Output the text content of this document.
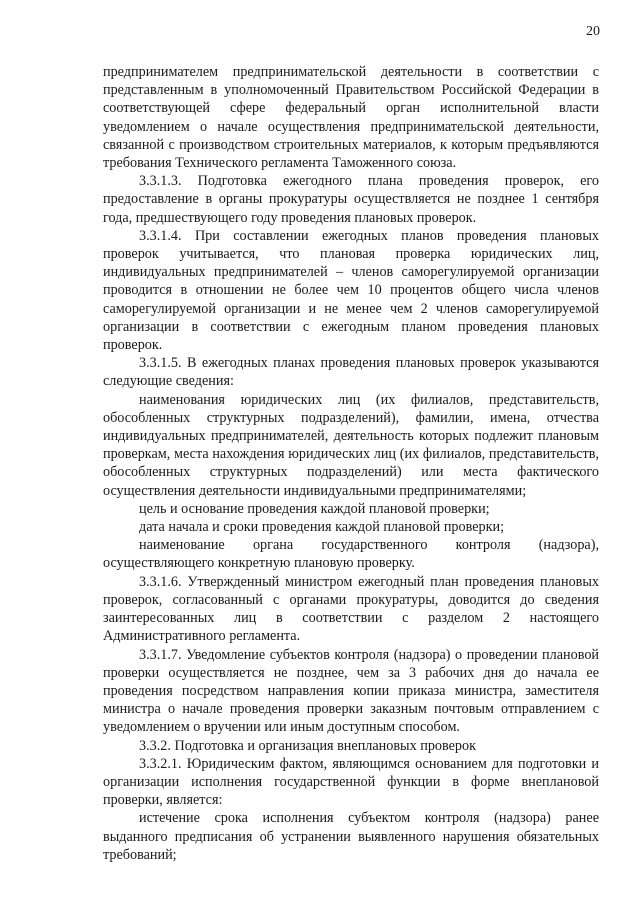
20

предпринимателем предпринимательской деятельности в соответствии с представленным в уполномоченный Правительством Российской Федерации в соответствующей сфере федеральный орган исполнительной власти уведомлением о начале осуществления предпринимательской деятельности, связанной с производством строительных материалов, к которым предъявляются требования Технического регламента Таможенного союза.

3.3.1.3. Подготовка ежегодного плана проведения проверок, его предоставление в органы прокуратуры осуществляется не позднее 1 сентября года, предшествующего году проведения плановых проверок.

3.3.1.4. При составлении ежегодных планов проведения плановых проверок учитывается, что плановая проверка юридических лиц, индивидуальных предпринимателей – членов саморегулируемой организации проводится в отношении не более чем 10 процентов общего числа членов саморегулируемой организации и не менее чем 2 членов саморегулируемой организации в соответствии с ежегодным планом проведения плановых проверок.

3.3.1.5. В ежегодных планах проведения плановых проверок указываются следующие сведения:

наименования юридических лиц (их филиалов, представительств, обособленных структурных подразделений), фамилии, имена, отчества индивидуальных предпринимателей, деятельность которых подлежит плановым проверкам, места нахождения юридических лиц (их филиалов, представительств, обособленных структурных подразделений) или места фактического осуществления деятельности индивидуальными предпринимателями;

цель и основание проведения каждой плановой проверки;

дата начала и сроки проведения каждой плановой проверки;

наименование органа государственного контроля (надзора), осуществляющего конкретную плановую проверку.

3.3.1.6. Утвержденный министром ежегодный план проведения плановых проверок, согласованный с органами прокуратуры, доводится до сведения заинтересованных лиц в соответствии с разделом 2 настоящего Административного регламента.

3.3.1.7. Уведомление субъектов контроля (надзора) о проведении плановой проверки осуществляется не позднее, чем за 3 рабочих дня до начала ее проведения посредством направления копии приказа министра, заместителя министра о начале проведения проверки заказным почтовым отправлением с уведомлением о вручении или иным доступным способом.

3.3.2. Подготовка и организация внеплановых проверок

3.3.2.1. Юридическим фактом, являющимся основанием для подготовки и организации исполнения государственной функции в форме внеплановой проверки, является:

истечение срока исполнения субъектом контроля (надзора) ранее выданного предписания об устранении выявленного нарушения обязательных требований;
